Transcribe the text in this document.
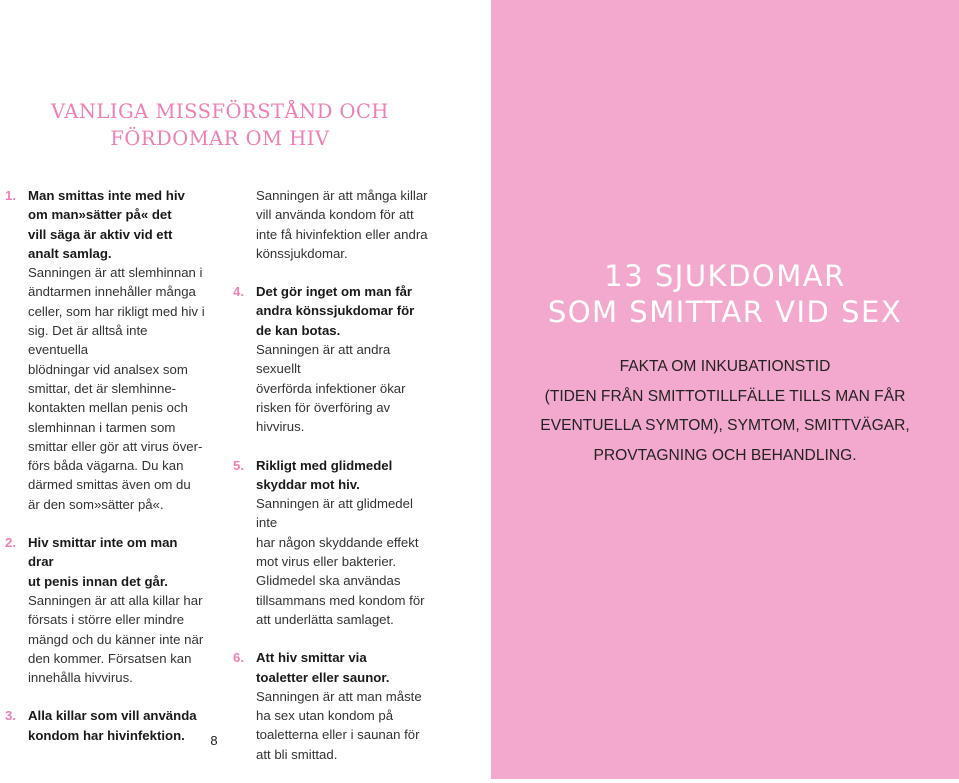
VANLIGA MISSFÖRSTÅND OCH
FÖRDOMAR OM HIV
1. Man smittas inte med hiv
om man»sätter på« det
vill säga är aktiv vid ett
analt samlag.
Sanningen är att slemhinnan i
ändtarmen innehåller många
celler, som har rikligt med hiv i
sig. Det är alltså inte eventuella
blödningar vid analsex som
smittar, det är slemhinne-
kontakten mellan penis och
slemhinnan i tarmen som
smittar eller gör att virus över-
förs båda vägarna. Du kan
därmed smittas även om du
är den som»sätter på«.
2. Hiv smittar inte om man drar
ut penis innan det går.
Sanningen är att alla killar har
försats i större eller mindre
mängd och du känner inte när
den kommer. Försatsen kan
innehålla hivvirus.
3. Alla killar som vill använda
kondom har hivinfektion.
Sanningen är att många killar
vill använda kondom för att
inte få hivinfektion eller andra
könssjukdomar.
4. Det gör inget om man får
andra könssjukdomar för
de kan botas.
Sanningen är att andra sexuellt
överförda infektioner ökar
risken för överföring av hivvirus.
5. Rikligt med glidmedel
skyddar mot hiv.
Sanningen är att glidmedel inte
har någon skyddande effekt
mot virus eller bakterier.
Glidmedel ska användas
tillsammans med kondom för
att underlätta samlaget.
6. Att hiv smittar via
toaletter eller saunor.
Sanningen är att man måste
ha sex utan kondom på
toaletterna eller i saunan för
att bli smittad.
8
13 SJUKDOMAR
SOM SMITTAR VID SEX
FAKTA OM INKUBATIONSTID
(TIDEN FRÅN SMITTOTILLFÄLLE TILLS MAN FÅR
EVENTUELLA SYMTOM), SYMTOM, SMITTVÄGAR,
PROVTAGNING OCH BEHANDLING.
